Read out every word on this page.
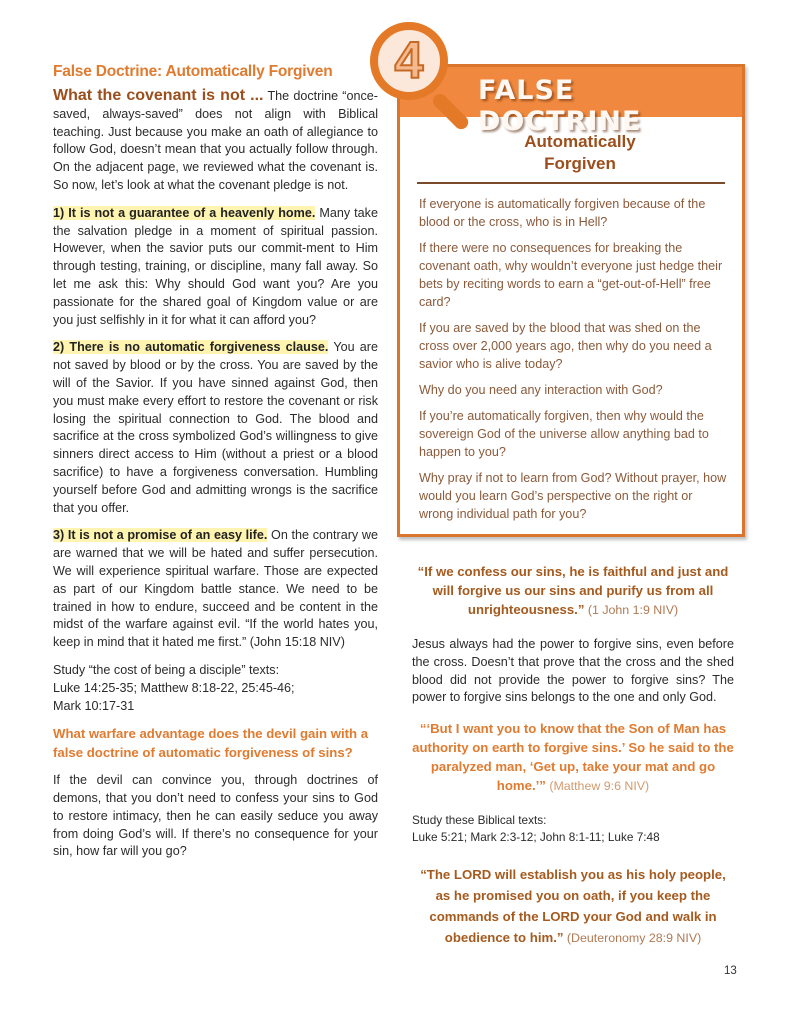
False Doctrine: Automatically Forgiven

What the covenant is not ... The doctrine “once-saved, always-saved” does not align with Biblical teaching. Just because you make an oath of allegiance to follow God, doesn’t mean that you actually follow through. On the adjacent page, we reviewed what the covenant is. So now, let’s look at what the covenant pledge is not.

1) It is not a guarantee of a heavenly home. Many take the salvation pledge in a moment of spiritual passion. However, when the savior puts our commit-ment to Him through testing, training, or discipline, many fall away. So let me ask this: Why should God want you? Are you passionate for the shared goal of Kingdom value or are you just selfishly in it for what it can afford you?

2) There is no automatic forgiveness clause. You are not saved by blood or by the cross. You are saved by the will of the Savior. If you have sinned against God, then you must make every effort to restore the covenant or risk losing the spiritual connection to God. The blood and sacrifice at the cross symbolized God’s willingness to give sinners direct access to Him (without a priest or a blood sacrifice) to have a forgiveness conversation. Humbling yourself before God and admitting wrongs is the sacrifice that you offer.

3) It is not a promise of an easy life. On the contrary we are warned that we will be hated and suffer persecution. We will experience spiritual warfare. Those are expected as part of our Kingdom battle stance. We need to be trained in how to endure, succeed and be content in the midst of the warfare against evil. “If the world hates you, keep in mind that it hated me first.” (John 15:18 NIV)

Study “the cost of being a disciple” texts:
Luke 14:25-35; Matthew 8:18-22, 25:45-46;
Mark 10:17-31

What warfare advantage does the devil gain with a false doctrine of automatic forgiveness of sins?

If the devil can convince you, through doctrines of demons, that you don’t need to confess your sins to God to restore intimacy, then he can easily seduce you away from doing God’s will. If there’s no consequence for your sin, how far will you go?

FALSE DOCTRINE
Automatically
Forgiven

If everyone is automatically forgiven because of the blood or the cross, who is in Hell?

If there were no consequences for breaking the covenant oath, why wouldn’t everyone just hedge their bets by reciting words to earn a “get-out-of-Hell” free card?

If you are saved by the blood that was shed on the cross over 2,000 years ago, then why do you need a savior who is alive today?

Why do you need any interaction with God?

If you’re automatically forgiven, then why would the sovereign God of the universe allow anything bad to happen to you?

Why pray if not to learn from God? Without prayer, how would you learn God’s perspective on the right or wrong individual path for you?

4

“If we confess our sins, he is faithful and just and will forgive us our sins and purify us from all unrighteousness.” (1 John 1:9 NIV)

Jesus always had the power to forgive sins, even before the cross. Doesn’t that prove that the cross and the shed blood did not provide the power to forgive sins? The power to forgive sins belongs to the one and only God.

“‘But I want you to know that the Son of Man has authority on earth to forgive sins.’ So he said to the paralyzed man, ‘Get up, take your mat and go home.’” (Matthew 9:6 NIV)

Study these Biblical texts:
Luke 5:21; Mark 2:3-12; John 8:1-11; Luke 7:48

“The LORD will establish you as his holy people, as he promised you on oath, if you keep the commands of the LORD your God and walk in obedience to him.” (Deuteronomy 28:9 NIV)

13
